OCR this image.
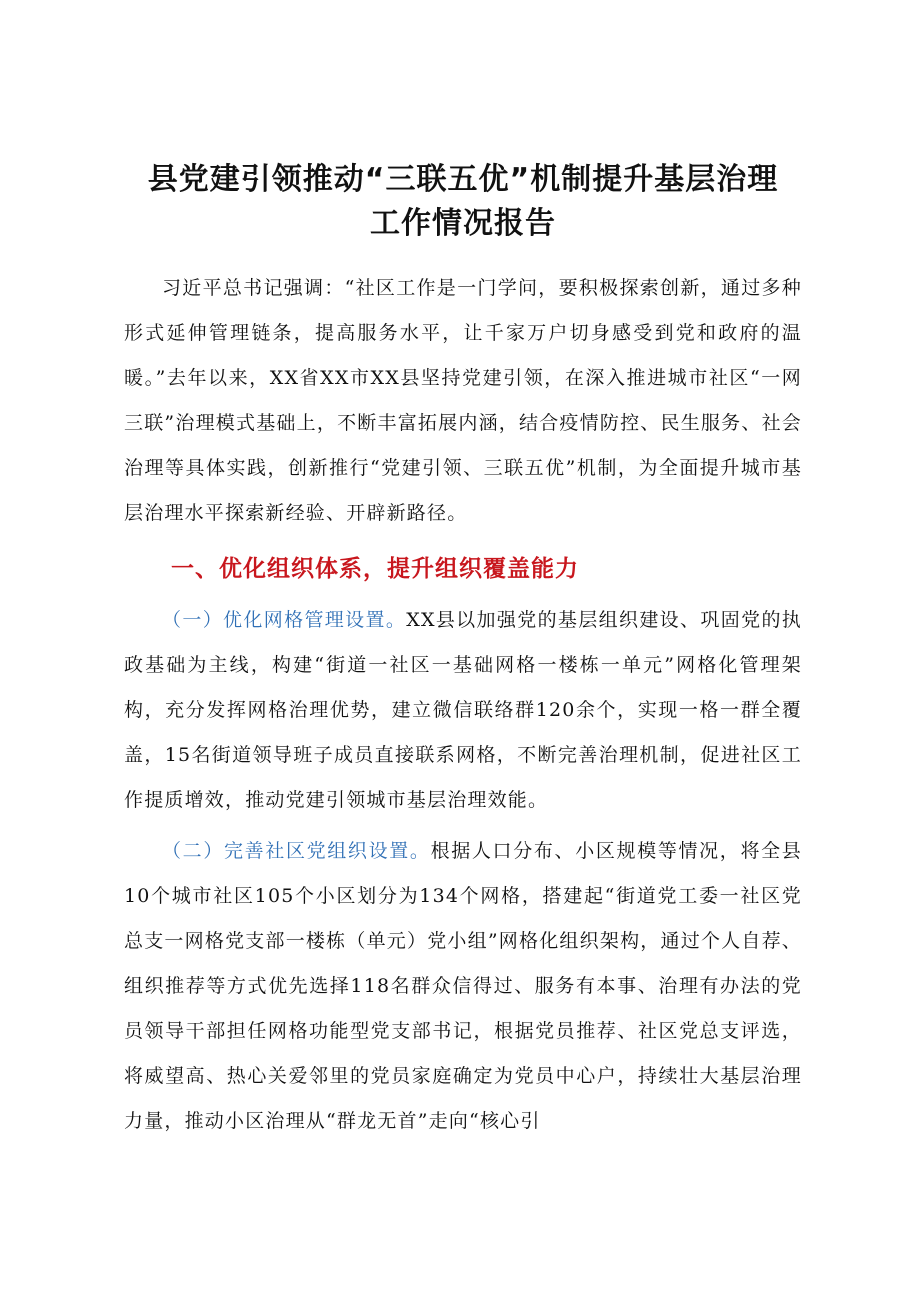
县党建引领推动“三联五优”机制提升基层治理
工作情况报告

习近平总书记强调：“社区工作是一门学问，要积极探索创新，通过多种形式延伸管理链条，提高服务水平，让千家万户切身感受到党和政府的温暖。”去年以来，XX省XX市XX县坚持党建引领，在深入推进城市社区“一网三联”治理模式基础上，不断丰富拓展内涵，结合疫情防控、民生服务、社会治理等具体实践，创新推行“党建引领、三联五优”机制，为全面提升城市基层治理水平探索新经验、开辟新路径。

一、优化组织体系，提升组织覆盖能力

（一）优化网格管理设置。XX县以加强党的基层组织建设、巩固党的执政基础为主线，构建“街道一社区一基础网格一楼栋一单元”网格化管理架构，充分发挥网格治理优势，建立微信联络群120余个，实现一格一群全覆盖，15名街道领导班子成员直接联系网格，不断完善治理机制，促进社区工作提质增效，推动党建引领城市基层治理效能。

（二）完善社区党组织设置。根据人口分布、小区规模等情况，将全县10个城市社区105个小区划分为134个网格，搭建起“街道党工委一社区党总支一网格党支部一楼栋（单元）党小组”网格化组织架构，通过个人自荐、组织推荐等方式优先选择118名群众信得过、服务有本事、治理有办法的党员领导干部担任网格功能型党支部书记，根据党员推荐、社区党总支评选，将威望高、热心关爱邻里的党员家庭确定为党员中心户，持续壮大基层治理力量，推动小区治理从“群龙无首”走向“核心引
